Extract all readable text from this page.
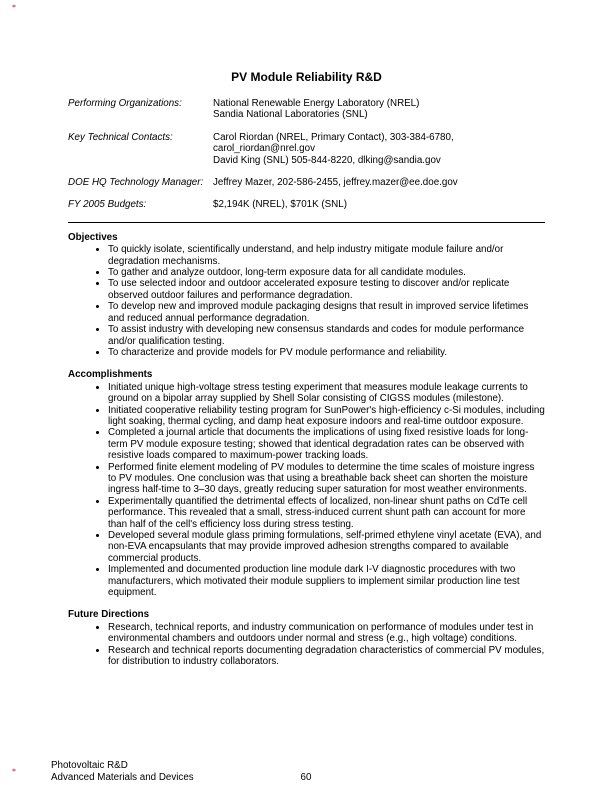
*
*
PV Module Reliability R&D
Performing Organizations:	National Renewable Energy Laboratory (NREL)
Sandia National Laboratories (SNL)
Key Technical Contacts:	Carol Riordan (NREL, Primary Contact), 303-384-6780,
carol_riordan@nrel.gov
David King (SNL) 505-844-8220, dlking@sandia.gov
DOE HQ Technology Manager: Jeffrey Mazer, 202-586-2455, jeffrey.mazer@ee.doe.gov
FY 2005 Budgets:	$2,194K (NREL), $701K (SNL)
Objectives
• To quickly isolate, scientifically understand, and help industry mitigate module failure and/or degradation mechanisms.
• To gather and analyze outdoor, long-term exposure data for all candidate modules.
• To use selected indoor and outdoor accelerated exposure testing to discover and/or replicate observed outdoor failures and performance degradation.
• To develop new and improved module packaging designs that result in improved service lifetimes and reduced annual performance degradation.
• To assist industry with developing new consensus standards and codes for module performance and/or qualification testing.
• To characterize and provide models for PV module performance and reliability.
Accomplishments
• Initiated unique high-voltage stress testing experiment that measures module leakage currents to ground on a bipolar array supplied by Shell Solar consisting of CIGSS modules (milestone).
• Initiated cooperative reliability testing program for SunPower's high-efficiency c-Si modules, including light soaking, thermal cycling, and damp heat exposure indoors and real-time outdoor exposure.
• Completed a journal article that documents the implications of using fixed resistive loads for long-term PV module exposure testing; showed that identical degradation rates can be observed with resistive loads compared to maximum-power tracking loads.
• Performed finite element modeling of PV modules to determine the time scales of moisture ingress to PV modules. One conclusion was that using a breathable back sheet can shorten the moisture ingress half-time to 3–30 days, greatly reducing super saturation for most weather environments.
• Experimentally quantified the detrimental effects of localized, non-linear shunt paths on CdTe cell performance. This revealed that a small, stress-induced current shunt path can account for more than half of the cell's efficiency loss during stress testing.
• Developed several module glass priming formulations, self-primed ethylene vinyl acetate (EVA), and non-EVA encapsulants that may provide improved adhesion strengths compared to available commercial products.
• Implemented and documented production line module dark I-V diagnostic procedures with two manufacturers, which motivated their module suppliers to implement similar production line test equipment.
Future Directions
• Research, technical reports, and industry communication on performance of modules under test in environmental chambers and outdoors under normal and stress (e.g., high voltage) conditions.
• Research and technical reports documenting degradation characteristics of commercial PV modules, for distribution to industry collaborators.
Photovoltaic R&D
Advanced Materials and Devices	60
